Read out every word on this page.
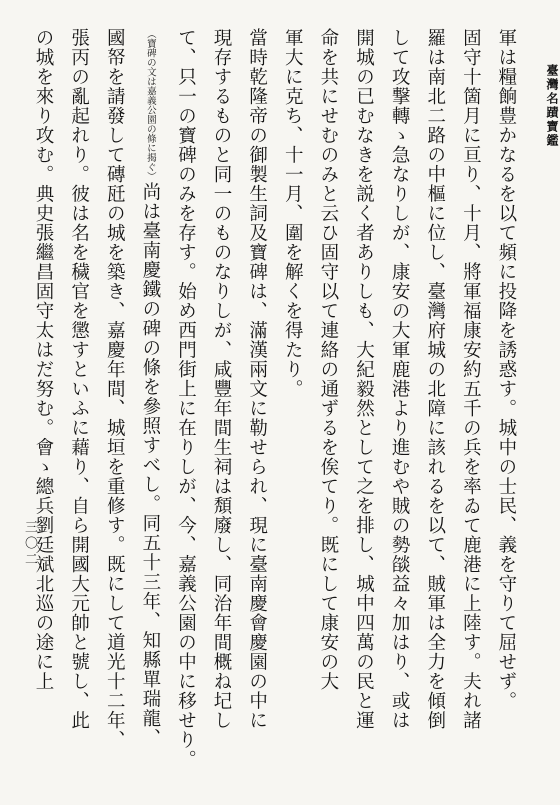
臺灣名蹟寶鑑
三〇二	軍は糧餉豊かなるを以て頻に投降を誘惑す。城中の士民、義を守りて屈せず。
固守十箇月に亘り、十月、將軍福康安約五千の兵を率ゐて鹿港に上陸す。夫れ諸
羅は南北二路の中樞に位し、臺灣府城の北障に該れるを以て、賊軍は全力を傾倒
して攻撃轉ゝ急なりしが、康安の大軍鹿港より進むや賊の勢燄益々加はり、或は
開城の已むなきを説く者ありしも、大紀毅然として之を排し、城中四萬の民と運
命を共にせむのみと云ひ固守以て連絡の通ずるを俟てり。既にして康安の大
軍大に克ち、十一月、圍を解くを得たり。
當時乾隆帝の御製生詞及寶碑は、滿漢兩文に勒せられ、現に臺南慶會慶園の中に
現存するものと同一のものなりしが、咸豐年間生祠は頽廢し、同治年間概ね圮し
て、只一の寶碑のみを存す。始め西門街上に在りしが、今、嘉義公園の中に移せり。
（寶碑の文は嘉義公園の條に揭ぐ）尚は臺南慶鐵の碑の條を參照すべし。同五十三年、知縣單瑞龍、
國帑を請發して磚瓩の城を築き、嘉慶年間、城垣を重修す。既にして道光十二年、
張丙の亂起れり。彼は名を穢官を懲すといふに藉り、自ら開國大元帥と號し、此
の城を來り攻む。典史張繼昌固守太はだ努む。會ゝ總兵劉廷斌北巡の途に上
